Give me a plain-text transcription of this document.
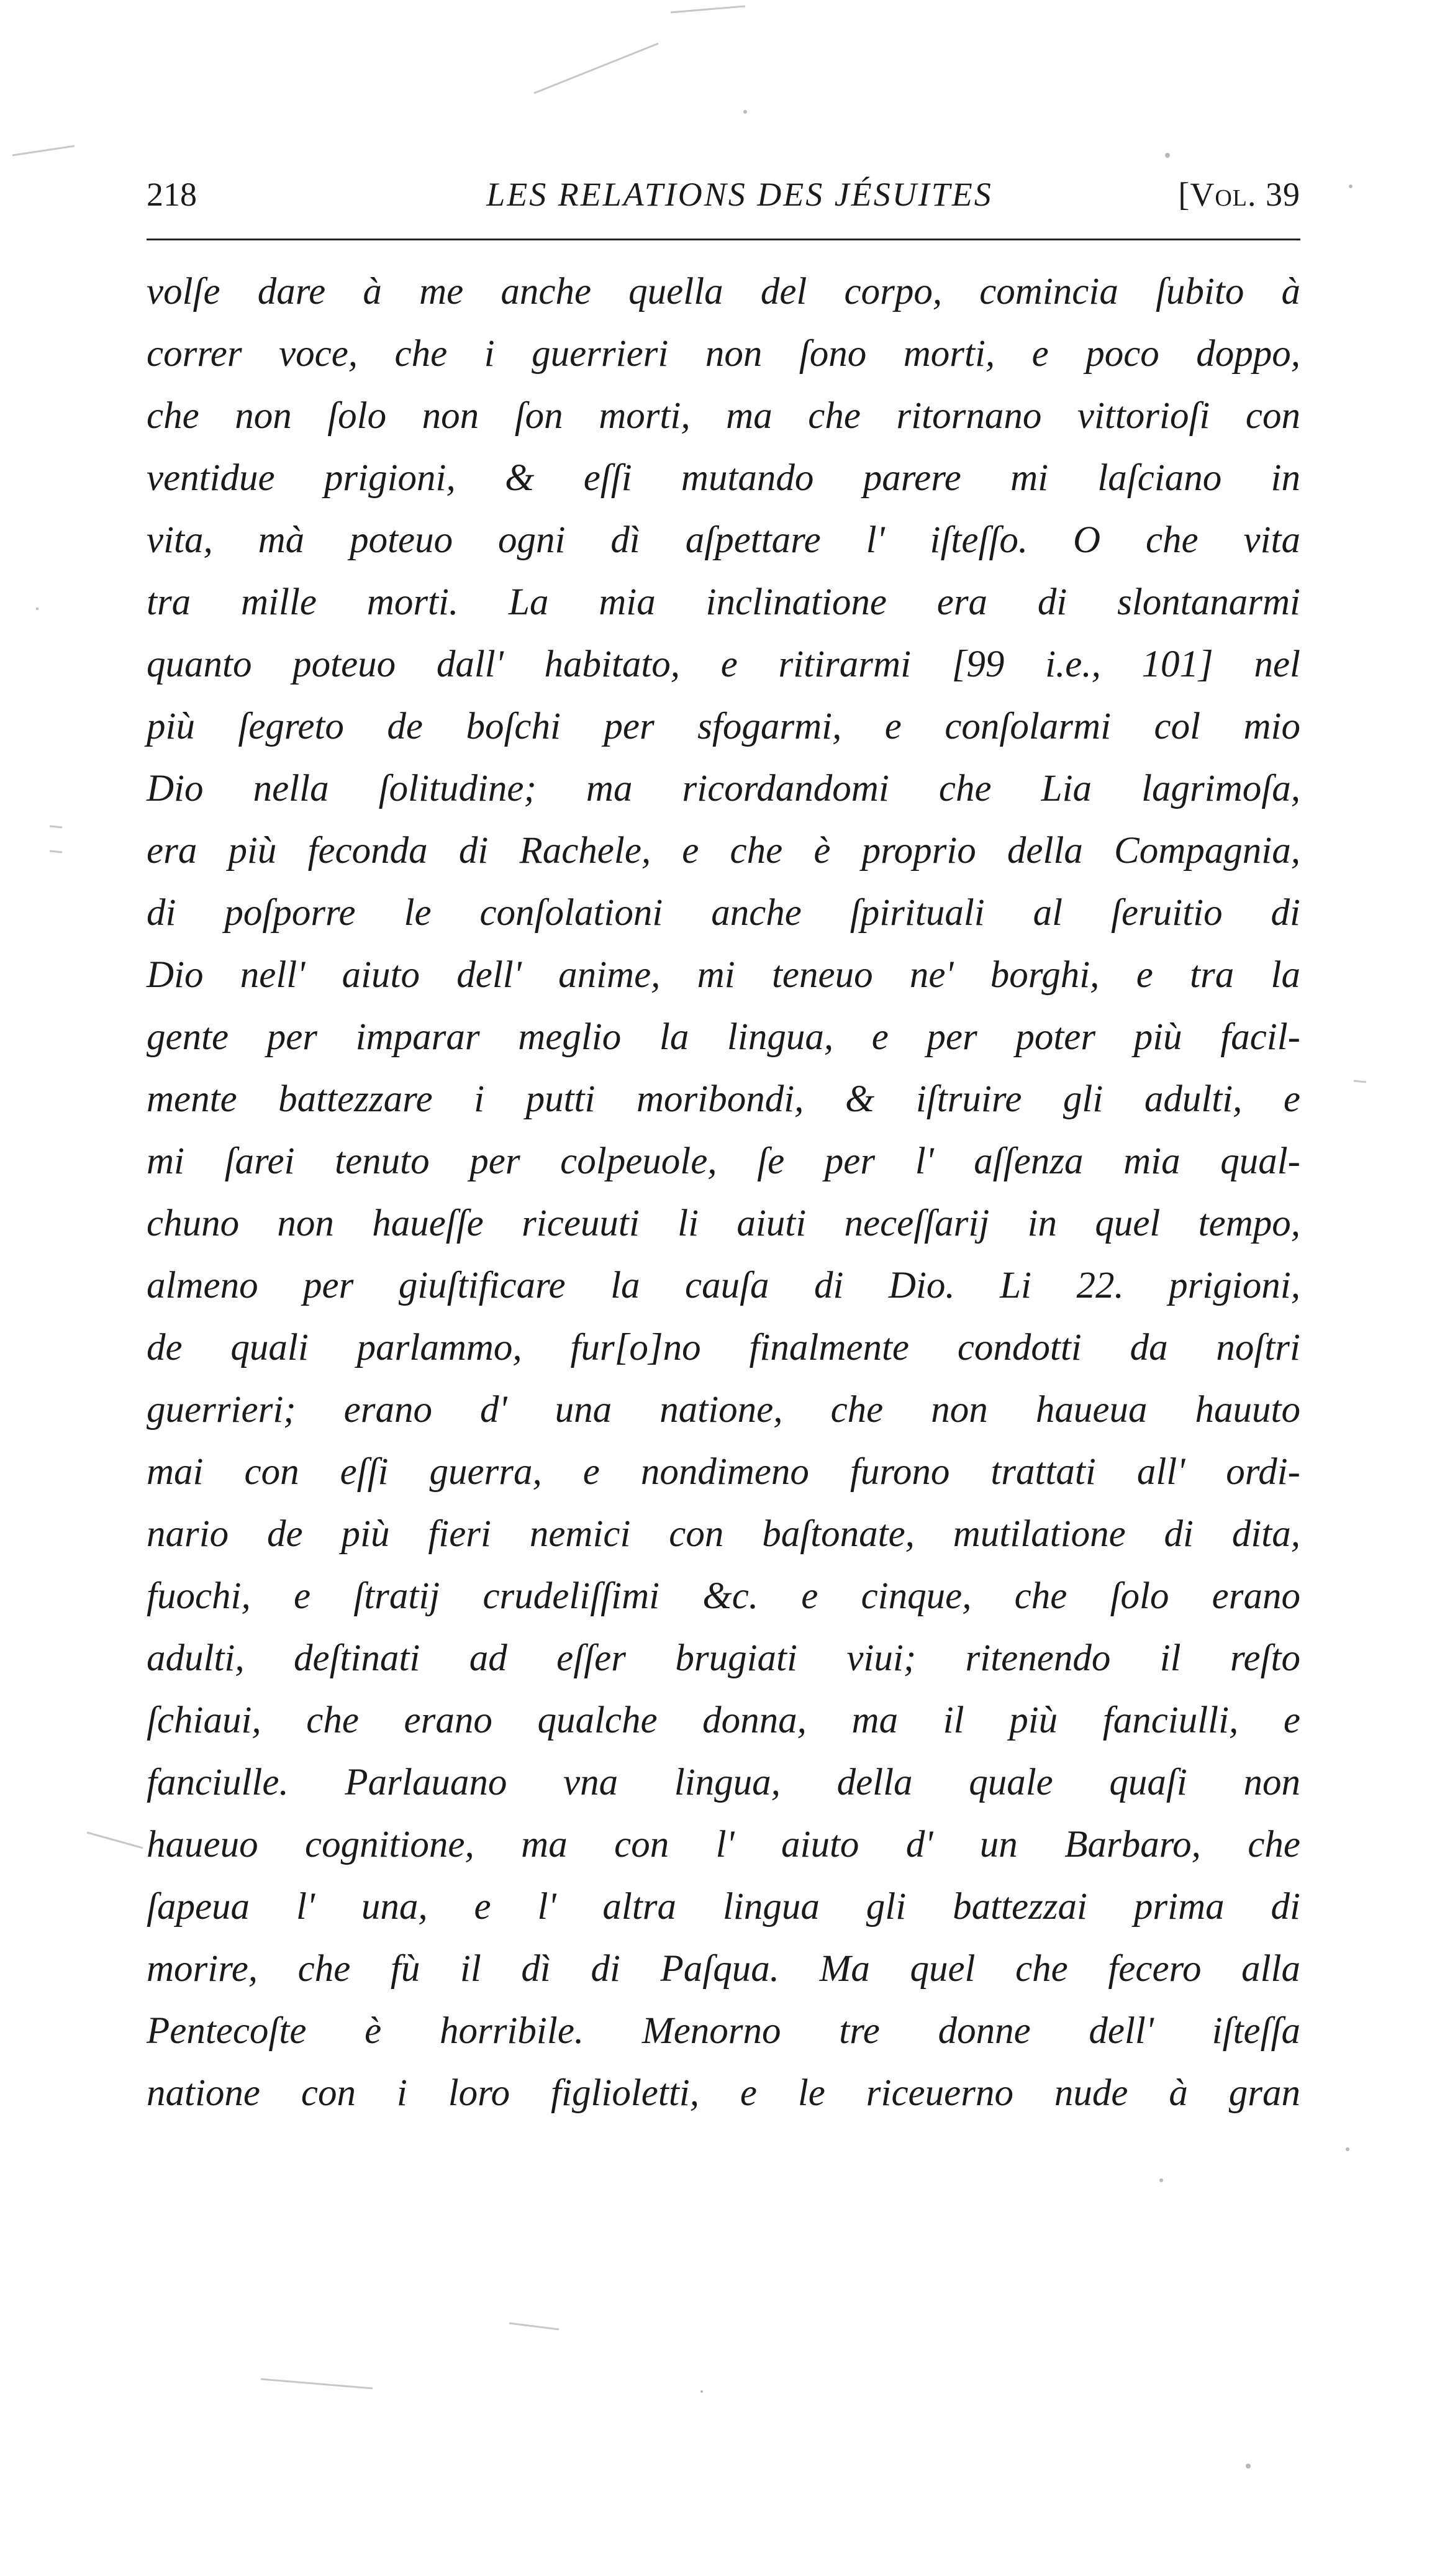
218	LES RELATIONS DES JÉSUITES	[Vol. 39
volſe dare à me anche quella del corpo, comincia ſubito à
correr voce, che i guerrieri non ſono morti, e poco doppo,
che non ſolo non ſon morti, ma che ritornano vittorioſi con
ventidue prigioni, & eſſi mutando parere mi laſciano in
vita, mà poteuo ogni dì aſpettare l' iſteſſo. O che vita
tra mille morti. La mia inclinatione era di slontanarmi
quanto poteuo dall' habitato, e ritirarmi [99 i.e., 101] nel
più ſegreto de boſchi per sfogarmi, e conſolarmi col mio
Dio nella ſolitudine; ma ricordandomi che Lia lagrimoſa,
era più feconda di Rachele, e che è proprio della Compagnia,
di poſporre le conſolationi anche ſpirituali al ſeruitio di
Dio nell' aiuto dell' anime, mi teneuo ne' borghi, e tra la
gente per imparar meglio la lingua, e per poter più facil-
mente battezzare i putti moribondi, & iſtruire gli adulti, e
mi ſarei tenuto per colpeuole, ſe per l' aſſenza mia qual-
chuno non haueſſe riceuuti li aiuti neceſſarij in quel tempo,
almeno per giuſtificare la cauſa di Dio. Li 22. prigioni,
de quali parlammo, fur[o]no finalmente condotti da noſtri
guerrieri; erano d' una natione, che non haueua hauuto
mai con eſſi guerra, e nondimeno furono trattati all' ordi-
nario de più fieri nemici con baſtonate, mutilatione di dita,
fuochi, e ſtratij crudeliſſimi &c. e cinque, che ſolo erano
adulti, deſtinati ad eſſer brugiati viui; ritenendo il reſto
ſchiaui, che erano qualche donna, ma il più fanciulli, e
fanciulle. Parlauano vna lingua, della quale quaſi non
haueuo cognitione, ma con l' aiuto d' un Barbaro, che
ſapeua l' una, e l' altra lingua gli battezzai prima di
morire, che fù il dì di Paſqua. Ma quel che fecero alla
Pentecoſte è horribile. Menorno tre donne dell' iſteſſa
natione con i loro figlioletti, e le riceuerno nude à gran
